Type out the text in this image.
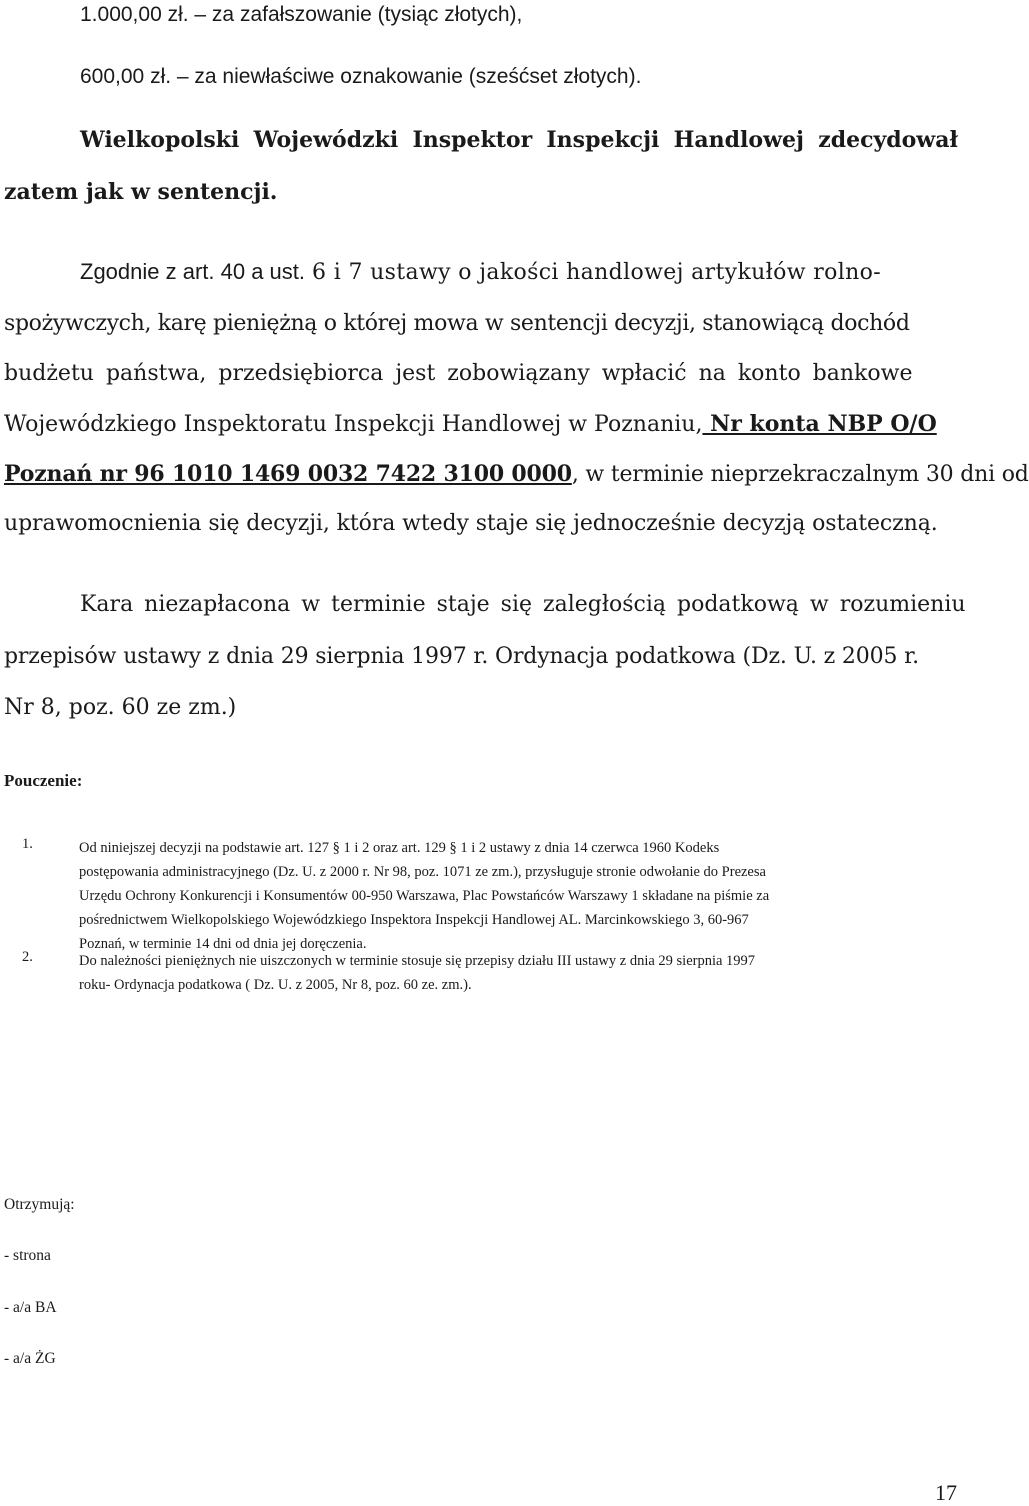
1.000,00 zł. – za zafałszowanie (tysiąc złotych),
600,00 zł. – za niewłaściwe oznakowanie (sześćset złotych).
Wielkopolski Wojewódzki Inspektor Inspekcji Handlowej zdecydował
zatem jak w sentencji.
Zgodnie z art. 40 a ust. 6 i 7 ustawy o jakości handlowej artykułów rolno-
spożywczych, karę pieniężną o której mowa w sentencji decyzji, stanowiącą dochód
budżetu państwa, przedsiębiorca jest zobowiązany wpłacić na konto bankowe
Wojewódzkiego Inspektoratu Inspekcji Handlowej w Poznaniu, Nr konta NBP O/O
Poznań nr 96 1010 1469 0032 7422 3100 0000, w terminie nieprzekraczalnym 30 dni od
uprawomocnienia się decyzji, która wtedy staje się jednocześnie decyzją ostateczną.
Kara niezapłacona w terminie staje się zaległością podatkową w rozumieniu
przepisów ustawy z dnia 29 sierpnia 1997 r. Ordynacja podatkowa (Dz. U. z 2005 r.
Nr 8, poz. 60 ze zm.)
Pouczenie:
1.	Od niniejszej decyzji na podstawie art. 127 § 1 i 2 oraz art. 129 § 1 i 2 ustawy z dnia 14 czerwca 1960 Kodeks
postępowania administracyjnego (Dz. U. z 2000 r. Nr 98, poz. 1071 ze zm.), przysługuje stronie odwołanie do Prezesa
Urzędu Ochrony Konkurencji i Konsumentów 00-950 Warszawa, Plac Powstańców Warszawy 1 składane na piśmie za
pośrednictwem Wielkopolskiego Wojewódzkiego Inspektora Inspekcji Handlowej AL. Marcinkowskiego 3, 60-967
Poznań, w terminie 14 dni od dnia jej doręczenia.
2.	Do należności pieniężnych nie uiszczonych w terminie stosuje się przepisy działu III ustawy z dnia 29 sierpnia 1997
roku- Ordynacja podatkowa ( Dz. U. z 2005, Nr 8, poz. 60 ze. zm.).
Otrzymują:
- strona
- a/a BA
- a/a ŻG
17
